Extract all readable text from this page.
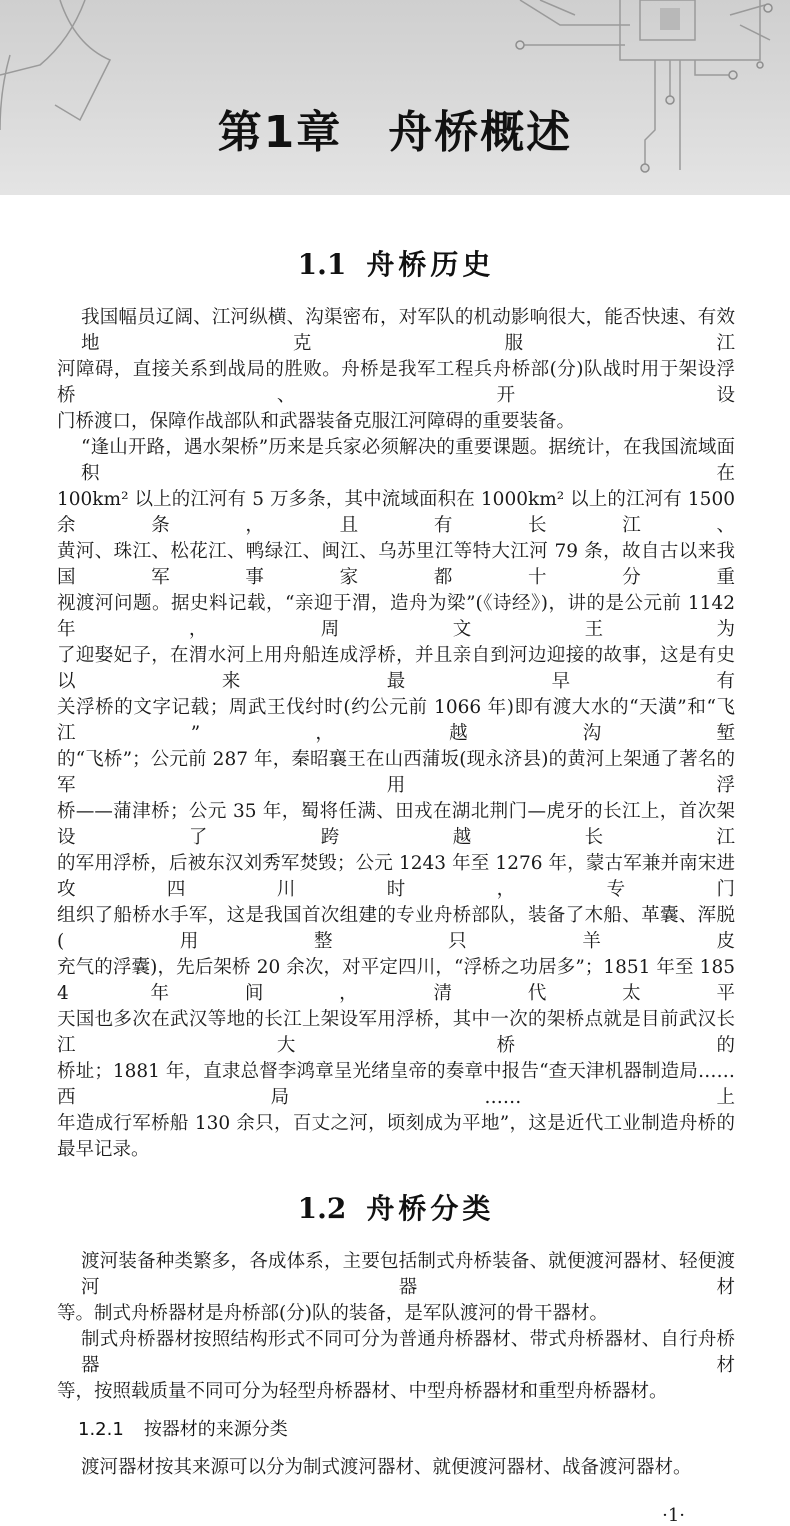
第1章　舟桥概述
1.1 舟桥历史
我国幅员辽阔、江河纵横、沟渠密布，对军队的机动影响很大，能否快速、有效地克服江
河障碍，直接关系到战局的胜败。舟桥是我军工程兵舟桥部(分)队战时用于架设浮桥、开设
门桥渡口，保障作战部队和武器装备克服江河障碍的重要装备。
“逢山开路，遇水架桥”历来是兵家必须解决的重要课题。据统计，在我国流域面积在
100km² 以上的江河有 5 万多条，其中流域面积在 1000km² 以上的江河有 1500 余条，且有长江、
黄河、珠江、松花江、鸭绿江、闽江、乌苏里江等特大江河 79 条，故自古以来我国军事家都十分重
视渡河问题。据史料记载，“亲迎于渭，造舟为梁”(《诗经》)，讲的是公元前 1142 年，周文王为
了迎娶妃子，在渭水河上用舟船连成浮桥，并且亲自到河边迎接的故事，这是有史以来最早有
关浮桥的文字记载；周武王伐纣时(约公元前 1066 年)即有渡大水的“天潢”和“飞江”，越沟堑
的“飞桥”；公元前 287 年，秦昭襄王在山西蒲坂(现永济县)的黄河上架通了著名的军用浮
桥——蒲津桥；公元 35 年，蜀将任满、田戎在湖北荆门—虎牙的长江上，首次架设了跨越长江
的军用浮桥，后被东汉刘秀军焚毁；公元 1243 年至 1276 年，蒙古军兼并南宋进攻四川时，专门
组织了船桥水手军，这是我国首次组建的专业舟桥部队，装备了木船、革囊、浑脱(用整只羊皮
充气的浮囊)，先后架桥 20 余次，对平定四川，“浮桥之功居多”；1851 年至 1854 年间，清代太平
天国也多次在武汉等地的长江上架设军用浮桥，其中一次的架桥点就是目前武汉长江大桥的
桥址；1881 年，直隶总督李鸿章呈光绪皇帝的奏章中报告“查天津机器制造局……西局……上
年造成行军桥船 130 余只，百丈之河，顷刻成为平地”，这是近代工业制造舟桥的最早记录。
1.2 舟桥分类
渡河装备种类繁多，各成体系，主要包括制式舟桥装备、就便渡河器材、轻便渡河器材
等。制式舟桥器材是舟桥部(分)队的装备，是军队渡河的骨干器材。
制式舟桥器材按照结构形式不同可分为普通舟桥器材、带式舟桥器材、自行舟桥器材
等，按照载质量不同可分为轻型舟桥器材、中型舟桥器材和重型舟桥器材。
1.2.1 按器材的来源分类
渡河器材按其来源可以分为制式渡河器材、就便渡河器材、战备渡河器材。
·1·
